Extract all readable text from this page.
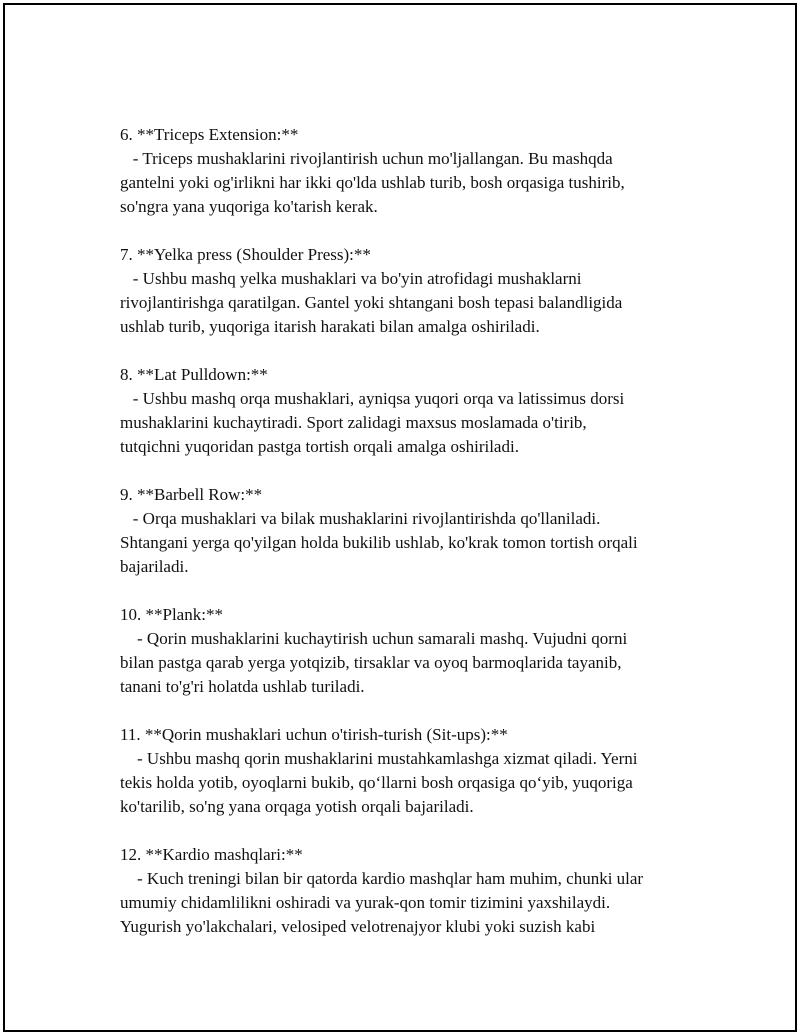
6. **Triceps Extension:**
- Triceps mushaklarini rivojlantirish uchun mo'ljallangan. Bu mashqda
gantelni yoki og'irlikni har ikki qo'lda ushlab turib, bosh orqasiga tushirib,
so'ngra yana yuqoriga ko'tarish kerak.
7. **Yelka press (Shoulder Press):**
- Ushbu mashq yelka mushaklari va bo'yin atrofidagi mushaklarni
rivojlantirishga qaratilgan. Gantel yoki shtangani bosh tepasi balandligida
ushlab turib, yuqoriga itarish harakati bilan amalga oshiriladi.
8. **Lat Pulldown:**
- Ushbu mashq orqa mushaklari, ayniqsa yuqori orqa va latissimus dorsi
mushaklarini kuchaytiradi. Sport zalidagi maxsus moslamada o'tirib,
tutqichni yuqoridan pastga tortish orqali amalga oshiriladi.
9. **Barbell Row:**
- Orqa mushaklari va bilak mushaklarini rivojlantirishda qo'llaniladi.
Shtangani yerga qo'yilgan holda bukilib ushlab, ko'krak tomon tortish orqali
bajariladi.
10. **Plank:**
- Qorin mushaklarini kuchaytirish uchun samarali mashq. Vujudni qorni
bilan pastga qarab yerga yotqizib, tirsaklar va oyoq barmoqlarida tayanib,
tanani to'g'ri holatda ushlab turiladi.
11. **Qorin mushaklari uchun o'tirish-turish (Sit-ups):**
- Ushbu mashq qorin mushaklarini mustahkamlashga xizmat qiladi. Yerni
tekis holda yotib, oyoqlarni bukib, qo‘llarni bosh orqasiga qo‘yib, yuqoriga
ko'tarilib, so'ng yana orqaga yotish orqali bajariladi.
12. **Kardio mashqlari:**
- Kuch treningi bilan bir qatorda kardio mashqlar ham muhim, chunki ular
umumiy chidamlilikni oshiradi va yurak-qon tomir tizimini yaxshilaydi.
Yugurish yo'lakchalari, velosiped velotrenajyor klubi yoki suzish kabi
